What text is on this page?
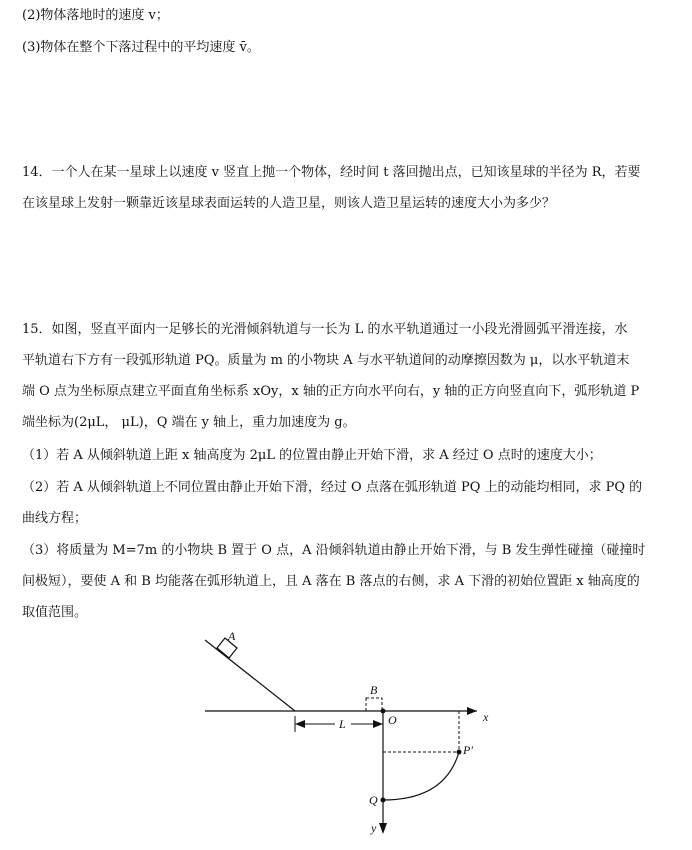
(2)物体落地时的速度 v；
(3)物体在整个下落过程中的平均速度 v̄。
14．一个人在某一星球上以速度 v 竖直上抛一个物体，经时间 t 落回抛出点，已知该星球的半径为 R，若要
在该星球上发射一颗靠近该星球表面运转的人造卫星，则该人造卫星运转的速度大小为多少？
15．如图，竖直平面内一足够长的光滑倾斜轨道与一长为 L 的水平轨道通过一小段光滑圆弧平滑连接，水
平轨道右下方有一段弧形轨道 PQ。质量为 m 的小物块 A 与水平轨道间的动摩擦因数为 μ，以水平轨道末
端 O 点为坐标原点建立平面直角坐标系 xOy，x 轴的正方向水平向右，y 轴的正方向竖直向下，弧形轨道 P
端坐标为(2μL， μL)，Q 端在 y 轴上，重力加速度为 g。
（1）若 A 从倾斜轨道上距 x 轴高度为 2μL 的位置由静止开始下滑，求 A 经过 O 点时的速度大小；
（2）若 A 从倾斜轨道上不同位置由静止开始下滑，经过 O 点落在弧形轨道 PQ 上的动能均相同，求 PQ 的
曲线方程；
（3）将质量为 M=7m 的小物块 B 置于 O 点，A 沿倾斜轨道由静止开始下滑，与 B 发生弹性碰撞（碰撞时
间极短），要使 A 和 B 均能落在弧形轨道上，且 A 落在 B 落点的右侧，求 A 下滑的初始位置距 x 轴高度的
取值范围。
A
x
L
B
O
y
P′
Q
